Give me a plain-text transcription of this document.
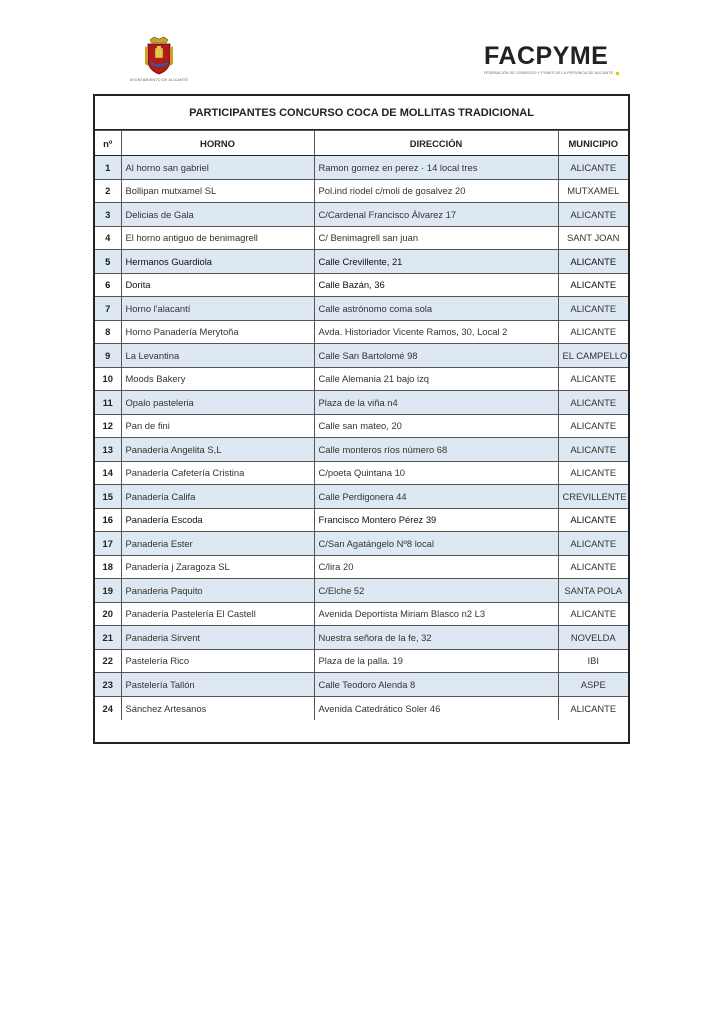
AYUNTAMIENTO DE ALICANTE
FACPYME
FEDERACIÓN DE COMERCIO Y PYMES DE LA PROVINCIA DE ALICANTE
PARTICIPANTES CONCURSO COCA DE MOLLITAS TRADICIONAL
nº	HORNO	DIRECCIÓN	MUNICIPIO
1	Al horno san gabriel	Ramon gomez en perez · 14 local tres	ALICANTE
2	Bollipan mutxamel SL	Pol.ind riodel c/moli de gosalvez 20	MUTXAMEL
3	Delicias de Gala	C/Cardenal Francisco Álvarez 17	ALICANTE
4	El horno antiguo de benimagrell	C/ Benimagrell san juan	SANT JOAN
5	Hermanos Guardiola	Calle Crevillente, 21	ALICANTE
6	Dorita	Calle Bazán, 36	ALICANTE
7	Horno l'alacantí	Calle astrónomo coma sola	ALICANTE
8	Horno Panadería Merytoña	Avda. Historiador Vicente Ramos, 30, Local 2	ALICANTE
9	La Levantina	Calle San Bartolomé 98	EL CAMPELLO
10	Moods Bakery	Calle Alemania 21 bajo izq	ALICANTE
11	Opalo pasteleria	Plaza de la viña n4	ALICANTE
12	Pan de fini	Calle san mateo, 20	ALICANTE
13	Panadería Angelita S,L	Calle monteros ríos número 68	ALICANTE
14	Panadería Cafetería Cristina	C/poeta Quintana 10	ALICANTE
15	Panadería Califa	Calle Perdigonera 44	CREVILLENTE
16	Panadería Escoda	Francisco Montero Pérez 39	ALICANTE
17	Panaderia Ester	C/San Agatángelo Nº8 local	ALICANTE
18	Panadería j Zaragoza SL	C/lira 20	ALICANTE
19	Panaderia Paquito	C/Elche 52	SANTA POLA
20	Panadería Pastelería El Castell	Avenida Deportista Miriam Blasco n2 L3	ALICANTE
21	Panaderia Sirvent	Nuestra señora de la fe, 32	NOVELDA
22	Pastelería Rico	Plaza de la palla. 19	IBI
23	Pastelería Tallón	Calle Teodoro Alenda 8	ASPE
24	Sánchez Artesanos	Avenida Catedrático Soler 46	ALICANTE
